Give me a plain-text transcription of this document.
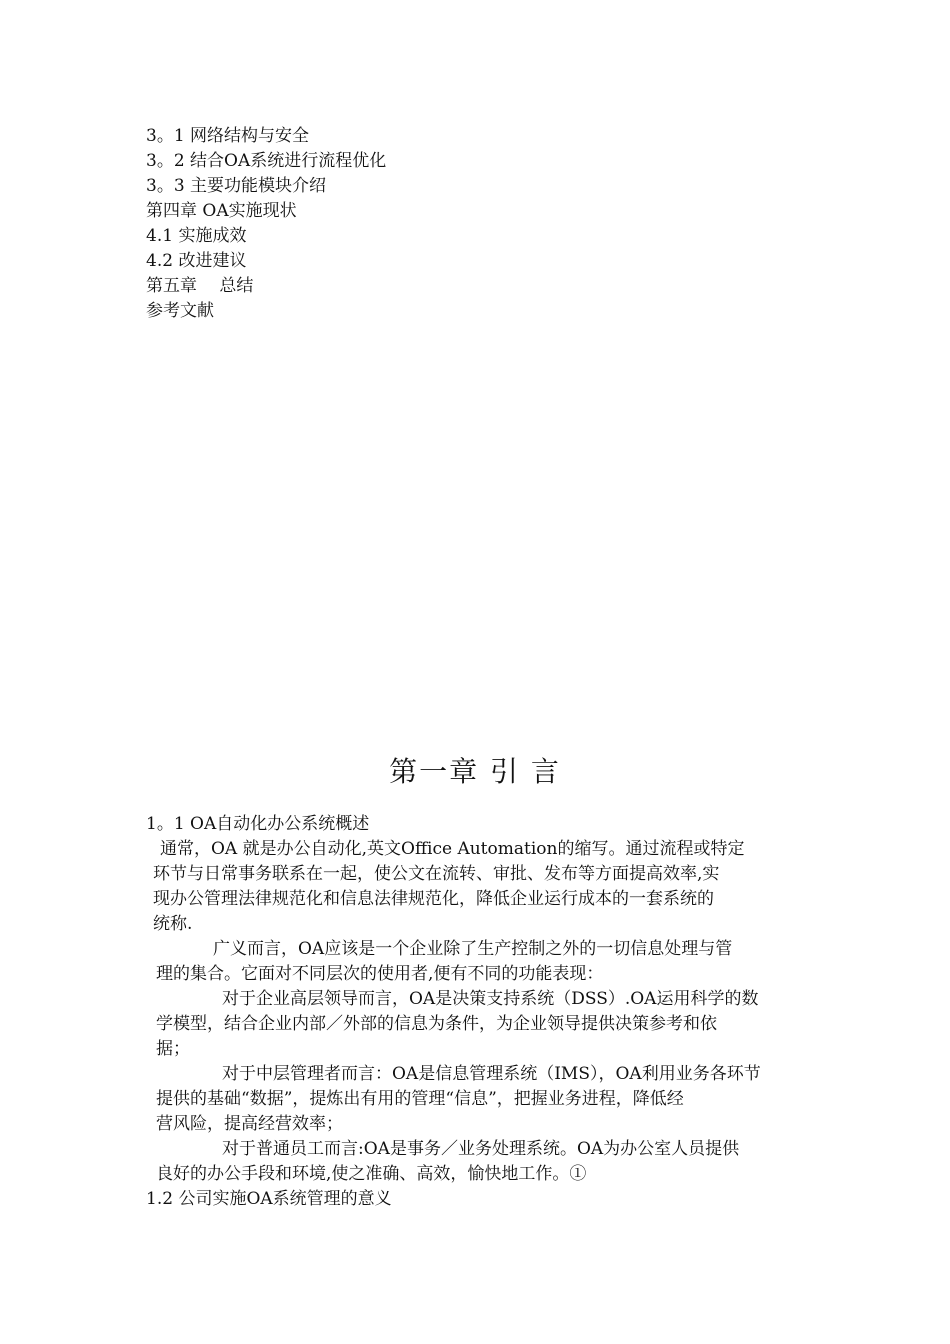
3。1 网络结构与安全
3。2 结合OA系统进行流程优化
3。3 主要功能模块介绍
第四章 OA实施现状
4.1 实施成效
4.2 改进建议
第五章　 总结
参考文献
第一章 引 言
1。1 OA自动化办公系统概述
通常，OA 就是办公自动化,英文Office Automation的缩写。通过流程或特定
环节与日常事务联系在一起，使公文在流转、审批、发布等方面提高效率,实
现办公管理法律规范化和信息法律规范化，降低企业运行成本的一套系统的
统称.
广义而言，OA应该是一个企业除了生产控制之外的一切信息处理与管
理的集合。它面对不同层次的使用者,便有不同的功能表现：
对于企业高层领导而言，OA是决策支持系统（DSS）.OA运用科学的数
学模型，结合企业内部／外部的信息为条件，为企业领导提供决策参考和依
据；
对于中层管理者而言：OA是信息管理系统（IMS），OA利用业务各环节
提供的基础“数据”，提炼出有用的管理“信息”，把握业务进程，降低经
营风险，提高经营效率；
对于普通员工而言:OA是事务／业务处理系统。OA为办公室人员提供
良好的办公手段和环境,使之准确、高效，愉快地工作。①
1.2 公司实施OA系统管理的意义
